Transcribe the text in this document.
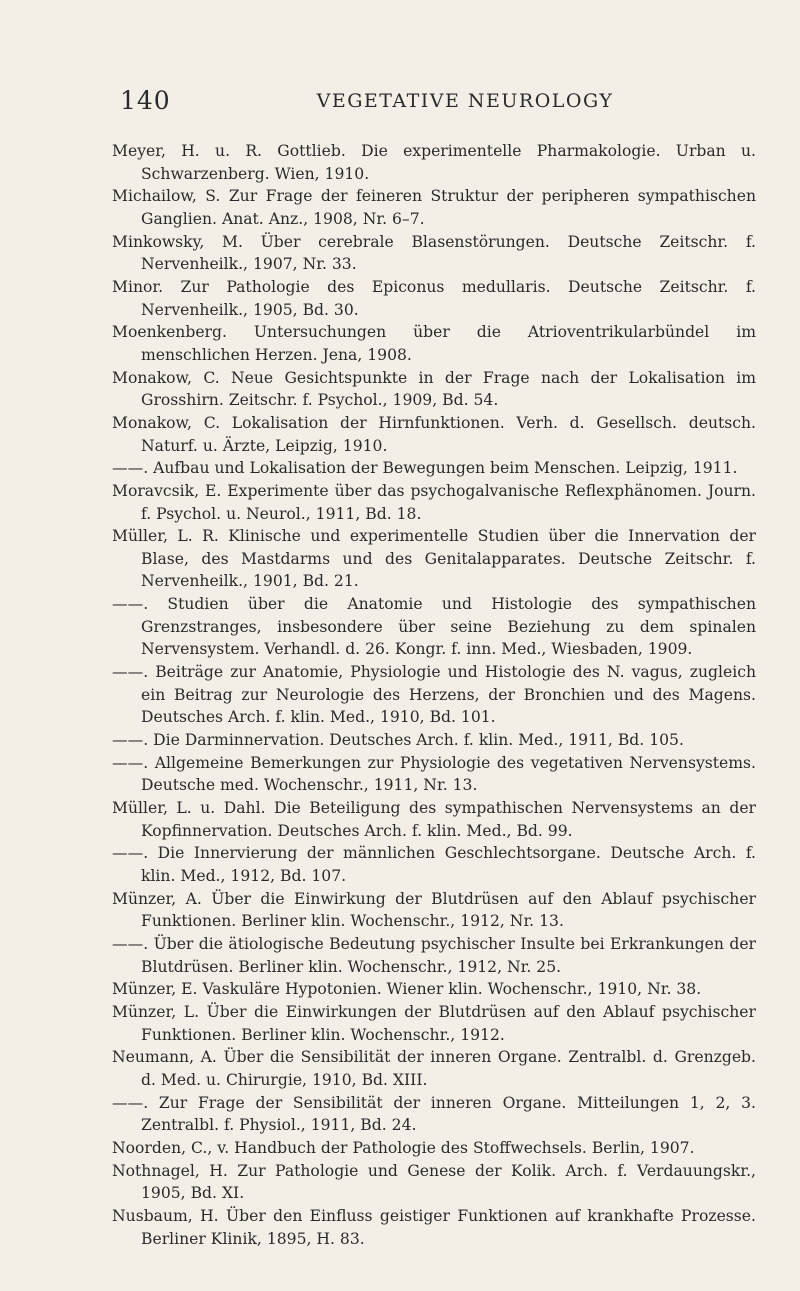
140	VEGETATIVE NEUROLOGY
Meyer, H. u. R. Gottlieb. Die experimentelle Pharmakologie. Urban u. Schwarzenberg. Wien, 1910.
Michailow, S. Zur Frage der feineren Struktur der peripheren sympathischen Ganglien. Anat. Anz., 1908, Nr. 6–7.
Minkowsky, M. Über cerebrale Blasenstörungen. Deutsche Zeitschr. f. Nervenheilk., 1907, Nr. 33.
Minor. Zur Pathologie des Epiconus medullaris. Deutsche Zeitschr. f. Nervenheilk., 1905, Bd. 30.
Moenkenberg. Untersuchungen über die Atrioventrikularbündel im menschlichen Herzen. Jena, 1908.
Monakow, C. Neue Gesichtspunkte in der Frage nach der Lokalisation im Grosshirn. Zeitschr. f. Psychol., 1909, Bd. 54.
Monakow, C. Lokalisation der Hirnfunktionen. Verh. d. Gesellsch. deutsch. Naturf. u. Ärzte, Leipzig, 1910.
——. Aufbau und Lokalisation der Bewegungen beim Menschen. Leipzig, 1911.
Moravcsik, E. Experimente über das psychogalvanische Reflexphänomen. Journ. f. Psychol. u. Neurol., 1911, Bd. 18.
Müller, L. R. Klinische und experimentelle Studien über die Innervation der Blase, des Mastdarms und des Genitalapparates. Deutsche Zeitschr. f. Nervenheilk., 1901, Bd. 21.
——. Studien über die Anatomie und Histologie des sympathischen Grenzstranges, insbesondere über seine Beziehung zu dem spinalen Nervensystem. Verhandl. d. 26. Kongr. f. inn. Med., Wiesbaden, 1909.
——. Beiträge zur Anatomie, Physiologie und Histologie des N. vagus, zugleich ein Beitrag zur Neurologie des Herzens, der Bronchien und des Magens. Deutsches Arch. f. klin. Med., 1910, Bd. 101.
——. Die Darminnervation. Deutsches Arch. f. klin. Med., 1911, Bd. 105.
——. Allgemeine Bemerkungen zur Physiologie des vegetativen Nervensystems. Deutsche med. Wochenschr., 1911, Nr. 13.
Müller, L. u. Dahl. Die Beteiligung des sympathischen Nervensystems an der Kopfinnervation. Deutsches Arch. f. klin. Med., Bd. 99.
——. Die Innervierung der männlichen Geschlechtsorgane. Deutsche Arch. f. klin. Med., 1912, Bd. 107.
Münzer, A. Über die Einwirkung der Blutdrüsen auf den Ablauf psychischer Funktionen. Berliner klin. Wochenschr., 1912, Nr. 13.
——. Über die ätiologische Bedeutung psychischer Insulte bei Erkrankungen der Blutdrüsen. Berliner klin. Wochenschr., 1912, Nr. 25.
Münzer, E. Vaskuläre Hypotonien. Wiener klin. Wochenschr., 1910, Nr. 38.
Münzer, L. Über die Einwirkungen der Blutdrüsen auf den Ablauf psychischer Funktionen. Berliner klin. Wochenschr., 1912.
Neumann, A. Über die Sensibilität der inneren Organe. Zentralbl. d. Grenzgeb. d. Med. u. Chirurgie, 1910, Bd. XIII.
——. Zur Frage der Sensibilität der inneren Organe. Mitteilungen 1, 2, 3. Zentralbl. f. Physiol., 1911, Bd. 24.
Noorden, C., v. Handbuch der Pathologie des Stoffwechsels. Berlin, 1907.
Nothnagel, H. Zur Pathologie und Genese der Kolik. Arch. f. Verdauungskr., 1905, Bd. XI.
Nusbaum, H. Über den Einfluss geistiger Funktionen auf krankhafte Prozesse. Berliner Klinik, 1895, H. 83.
